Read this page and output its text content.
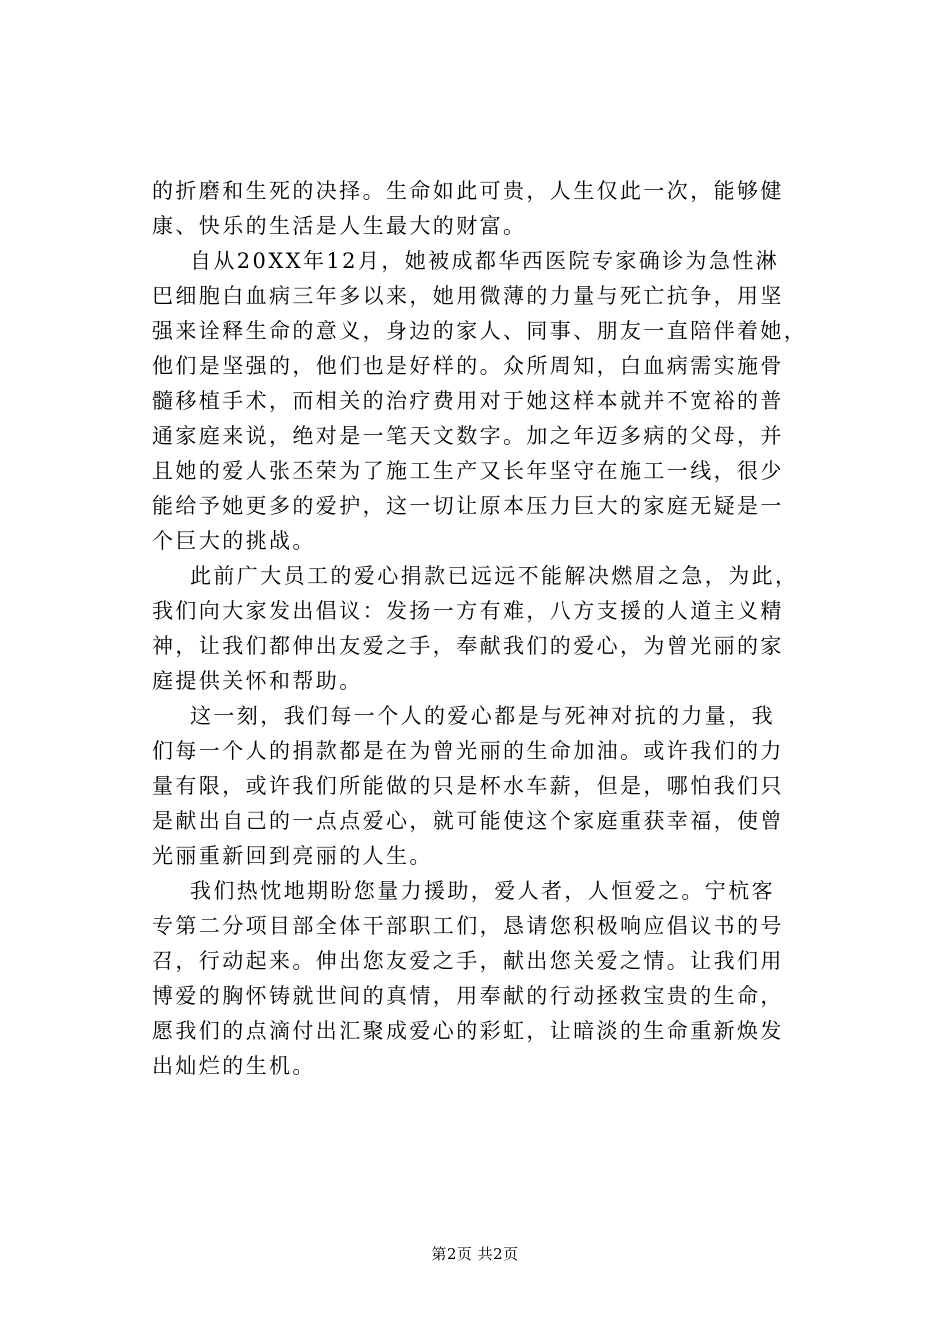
的折磨和生死的决择。生命如此可贵，人生仅此一次，能够健
康、快乐的生活是人生最大的财富。
自从20XX年12月，她被成都华西医院专家确诊为急性淋
巴细胞白血病三年多以来，她用微薄的力量与死亡抗争，用坚
强来诠释生命的意义，身边的家人、同事、朋友一直陪伴着她，
他们是坚强的，他们也是好样的。众所周知，白血病需实施骨
髓移植手术，而相关的治疗费用对于她这样本就并不宽裕的普
通家庭来说，绝对是一笔天文数字。加之年迈多病的父母，并
且她的爱人张丕荣为了施工生产又长年坚守在施工一线，很少
能给予她更多的爱护，这一切让原本压力巨大的家庭无疑是一
个巨大的挑战。
此前广大员工的爱心捐款已远远不能解决燃眉之急，为此，
我们向大家发出倡议：发扬一方有难，八方支援的人道主义精
神，让我们都伸出友爱之手，奉献我们的爱心，为曾光丽的家
庭提供关怀和帮助。
这一刻，我们每一个人的爱心都是与死神对抗的力量，我
们每一个人的捐款都是在为曾光丽的生命加油。或许我们的力
量有限，或许我们所能做的只是杯水车薪，但是，哪怕我们只
是献出自己的一点点爱心，就可能使这个家庭重获幸福，使曾
光丽重新回到亮丽的人生。
我们热忱地期盼您量力援助，爱人者，人恒爱之。宁杭客
专第二分项目部全体干部职工们，恳请您积极响应倡议书的号
召，行动起来。伸出您友爱之手，献出您关爱之情。让我们用
博爱的胸怀铸就世间的真情，用奉献的行动拯救宝贵的生命，
愿我们的点滴付出汇聚成爱心的彩虹，让暗淡的生命重新焕发
出灿烂的生机。
第2页 共2页
